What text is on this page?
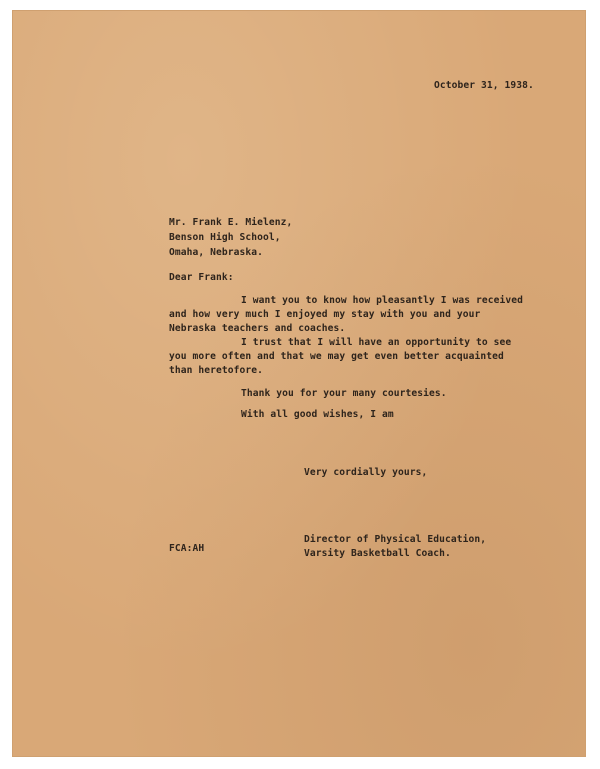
October 31, 1938.
Mr. Frank E. Mielenz,
Benson High School,
Omaha, Nebraska.
Dear Frank:
I want you to know how pleasantly I was received
and how very much I enjoyed my stay with you and your
Nebraska teachers and coaches.
I trust that I will have an opportunity to see
you more often and that we may get even better acquainted
than heretofore.
Thank you for your many courtesies.
With all good wishes, I am
Very cordially yours,
Director of Physical Education,
Varsity Basketball Coach.
FCA:AH
